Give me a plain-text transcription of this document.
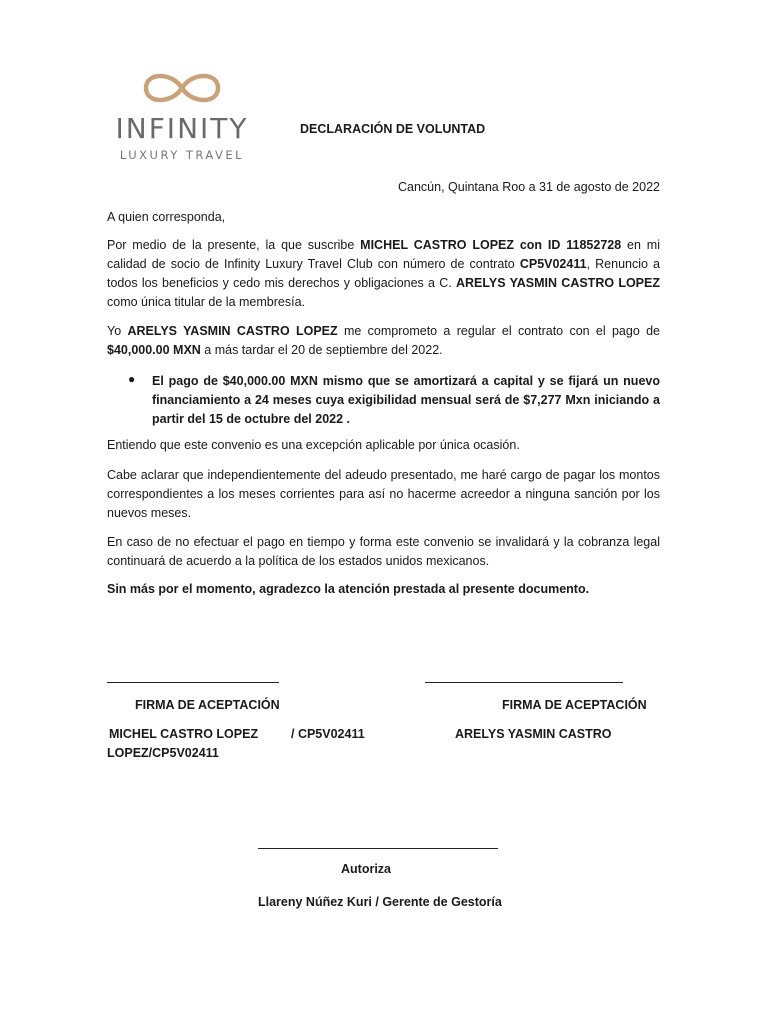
INFINITY
LUXURY TRAVEL
DECLARACIÓN DE VOLUNTAD
Cancún, Quintana Roo a 31 de agosto de 2022
A quien corresponda,
Por medio de la presente, la que suscribe MICHEL CASTRO LOPEZ con ID 11852728 en mi calidad de socio de Infinity Luxury Travel Club con número de contrato CP5V02411, Renuncio a todos los beneficios y cedo mis derechos y obligaciones a C. ARELYS YASMIN CASTRO LOPEZ como única titular de la membresía.
Yo ARELYS YASMIN CASTRO LOPEZ me comprometo a regular el contrato con el pago de $40,000.00 MXN a más tardar el 20 de septiembre del 2022.
● El pago de $40,000.00 MXN mismo que se amortizará a capital y se fijará un nuevo financiamiento a 24 meses cuya exigibilidad mensual será de $7,277 Mxn iniciando a partir del 15 de octubre del 2022 .
Entiendo que este convenio es una excepción aplicable por única ocasión.
Cabe aclarar que independientemente del adeudo presentado, me haré cargo de pagar los montos correspondientes a los meses corrientes para así no hacerme acreedor a ninguna sanción por los nuevos meses.
En caso de no efectuar el pago en tiempo y forma este convenio se invalidará y la cobranza legal continuará de acuerdo a la política de los estados unidos mexicanos.
Sin más por el momento, agradezco la atención prestada al presente documento.
FIRMA DE ACEPTACIÓN	FIRMA DE ACEPTACIÓN
MICHEL CASTRO LOPEZ	/ CP5V02411	ARELYS YASMIN CASTRO
LOPEZ/CP5V02411
Autoriza
Llareny Núñez Kuri / Gerente de Gestoría
